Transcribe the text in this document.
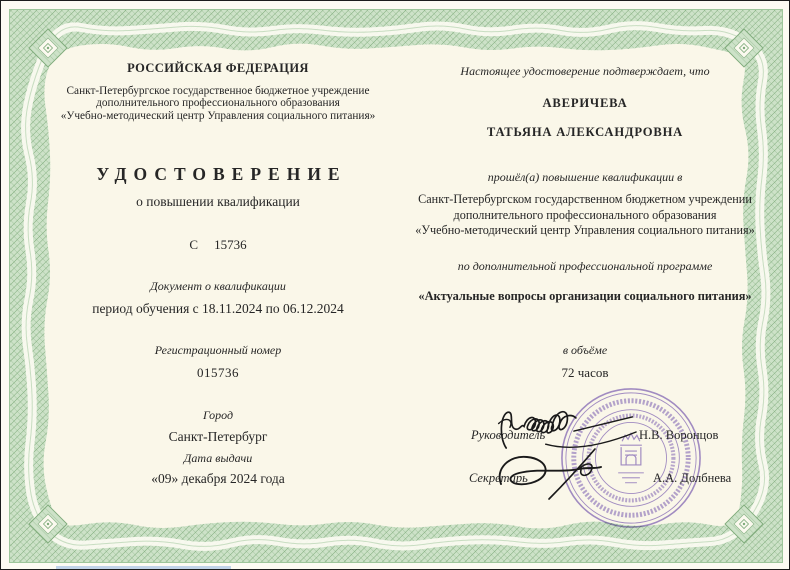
РОССИЙСКАЯ ФЕДЕРАЦИЯ
Санкт-Петербургское государственное бюджетное учреждение
дополнительного профессионального образования
«Учебно-методический центр Управления социального питания»
УДОСТОВЕРЕНИЕ
о повышении квалификации
С 15736
Документ о квалификации
период обучения с 18.11.2024 по 06.12.2024
Регистрационный номер
015736
Город
Санкт-Петербург
Дата выдачи
«09» декабря 2024 года
Настоящее удостоверение подтверждает, что
АВЕРИЧЕВА
ТАТЬЯНА АЛЕКСАНДРОВНА
прошёл(а) повышение квалификации в
Санкт-Петербургском государственном бюджетном учреждении
дополнительного профессионального образования
«Учебно-методический центр Управления социального питания»
по дополнительной профессиональной программе
«Актуальные вопросы организации социального питания»
в объёме
72 часов
Руководитель	Н.В. Воронцов
Секретарь	А.А. Долбнева
